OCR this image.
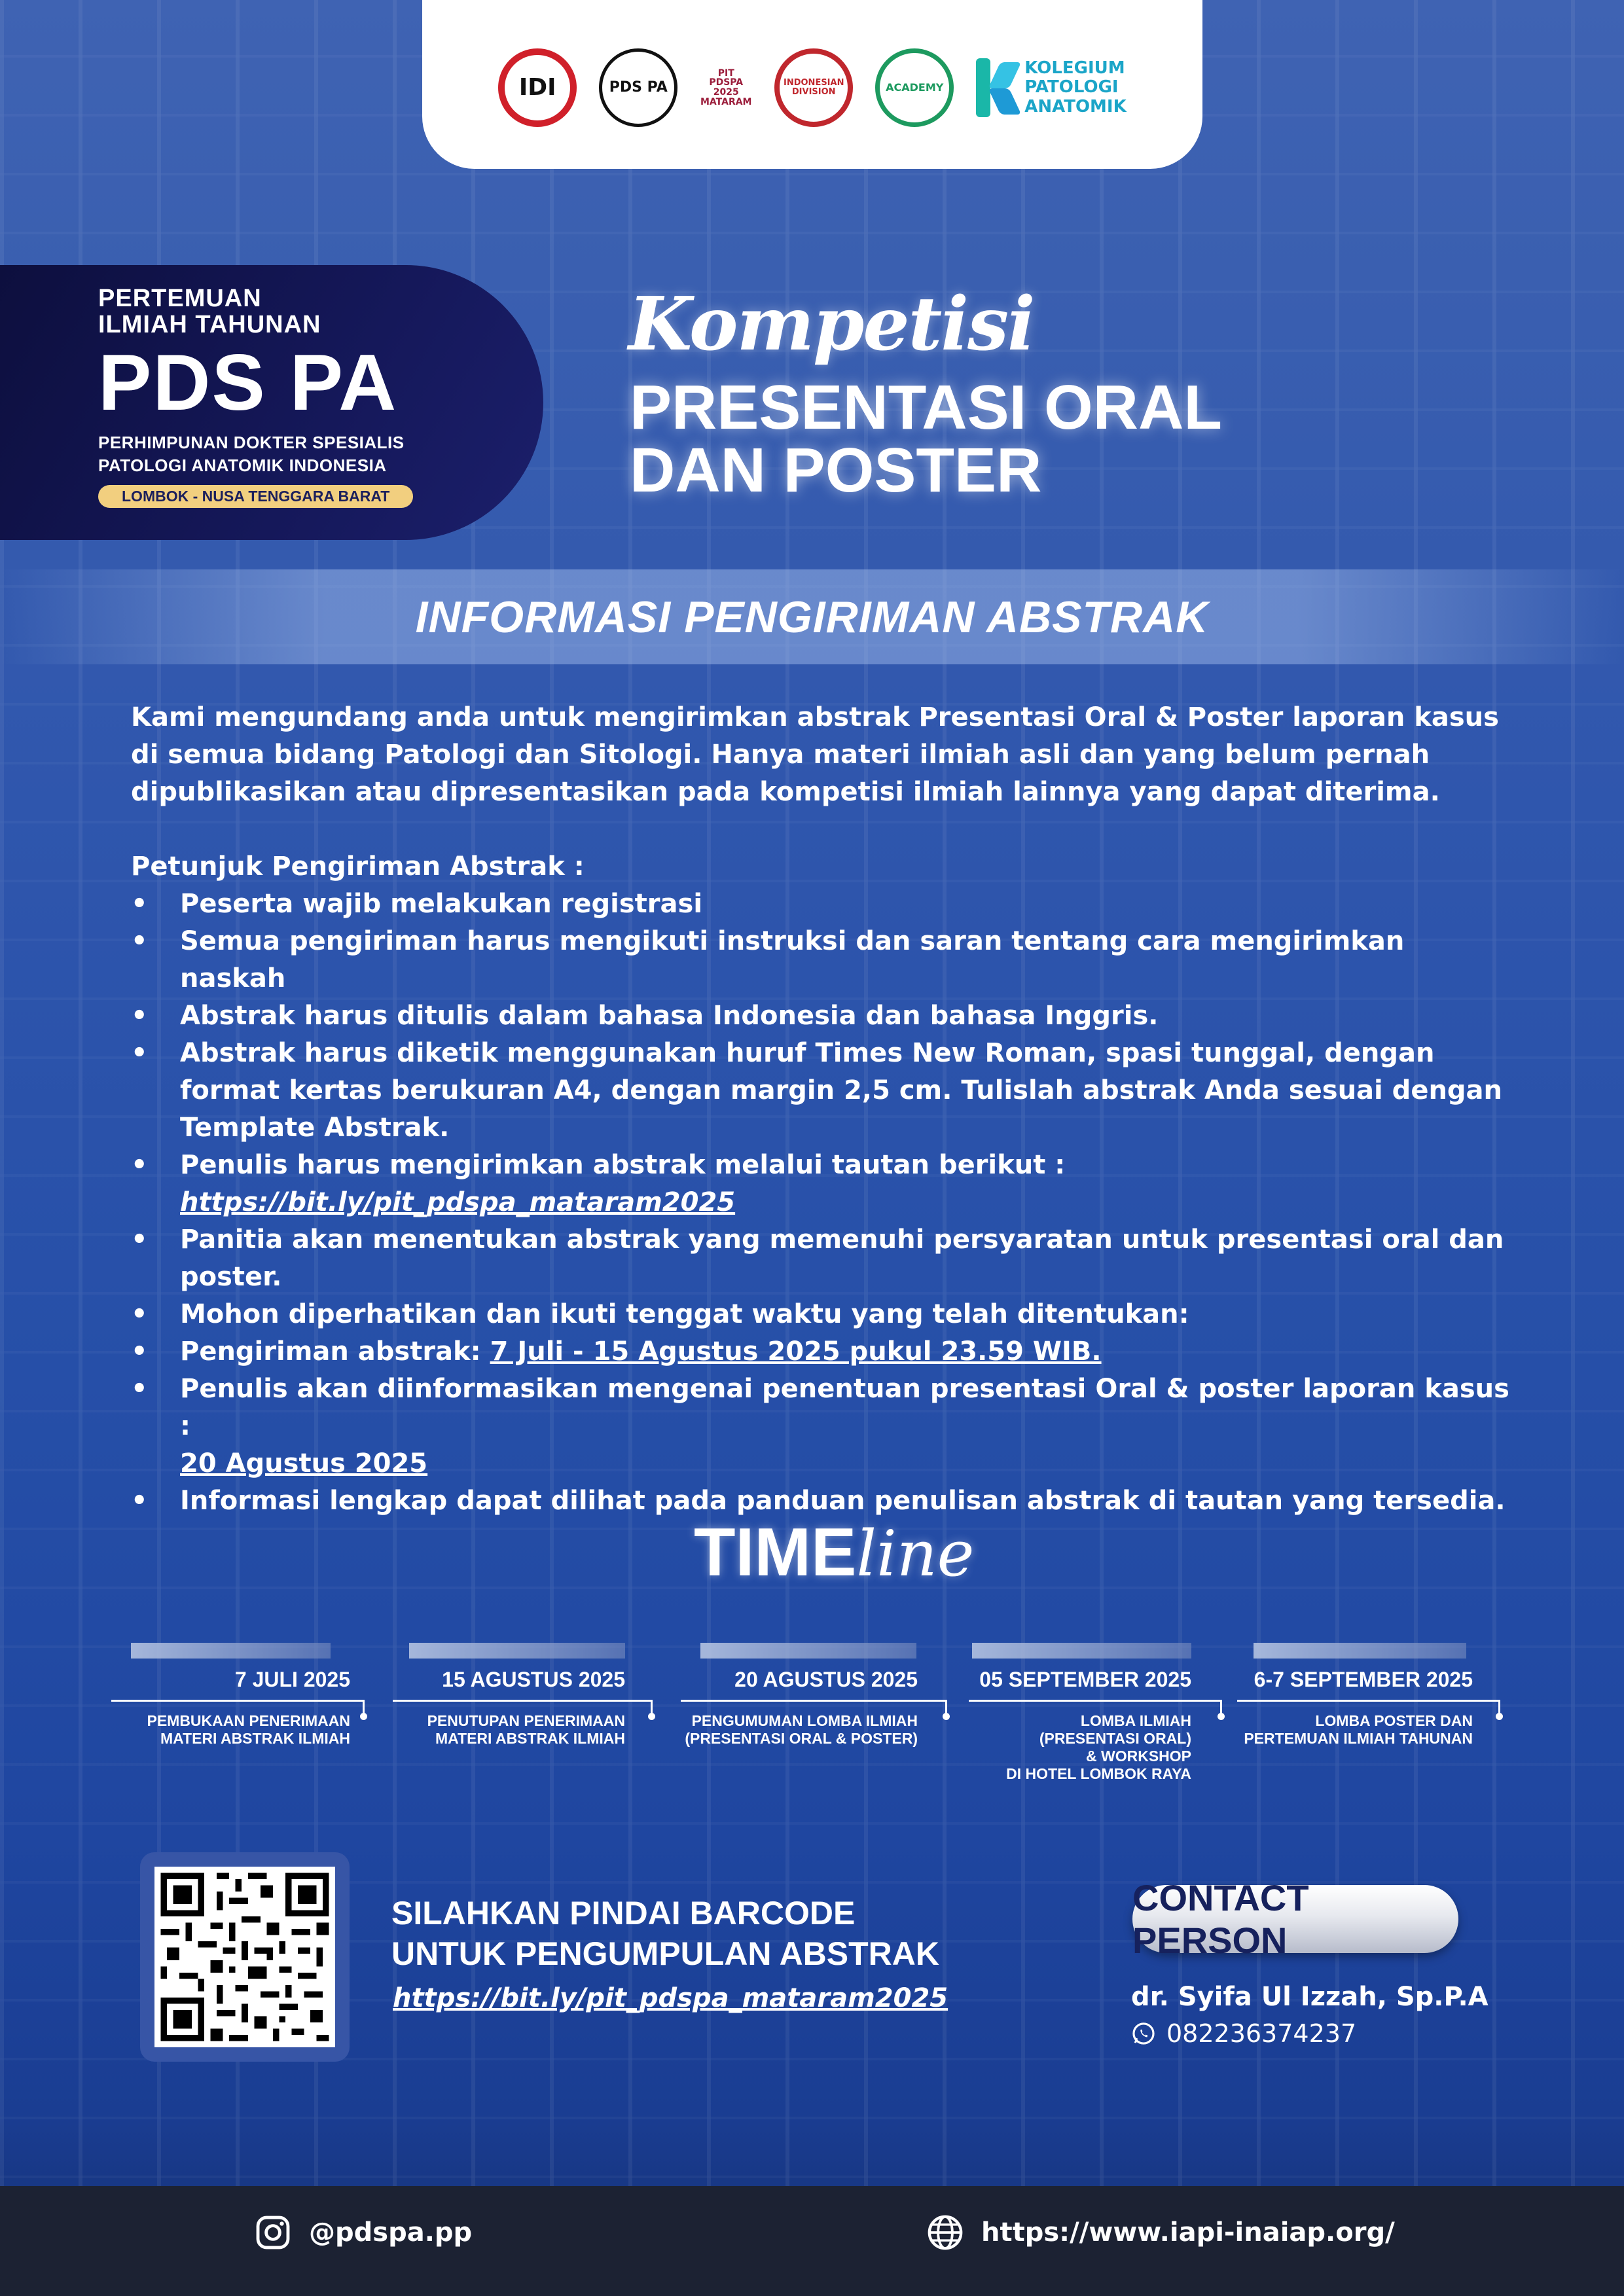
IDI	PDS PA
PIT PDSPA 2025 MATARAM
INDONESIAN DIVISION	ACADEMY
KOLEGIUM
PATOLOGI
ANATOMIK
PERTEMUAN
ILMIAH TAHUNAN
PDS PA
PERHIMPUNAN DOKTER SPESIALIS
PATOLOGI ANATOMIK INDONESIA
LOMBOK - NUSA TENGGARA BARAT
Kompetisi
PRESENTASI ORAL
DAN POSTER
INFORMASI PENGIRIMAN ABSTRAK

Kami mengundang anda untuk mengirimkan abstrak Presentasi Oral & Poster laporan kasus di semua bidang Patologi dan Sitologi. Hanya materi ilmiah asli dan yang belum pernah dipublikasikan atau dipresentasikan pada kompetisi ilmiah lainnya yang dapat diterima.

Petunjuk Pengiriman Abstrak :

• Peserta wajib melakukan registrasi
• Semua pengiriman harus mengikuti instruksi dan saran tentang cara mengirimkan naskah
• Abstrak harus ditulis dalam bahasa Indonesia dan bahasa Inggris.
• Abstrak harus diketik menggunakan huruf Times New Roman, spasi tunggal, dengan format kertas berukuran A4, dengan margin 2,5 cm. Tulislah abstrak Anda sesuai dengan Template Abstrak.
• Penulis harus mengirimkan abstrak melalui tautan berikut :
https://bit.ly/pit_pdspa_mataram2025
• Panitia akan menentukan abstrak yang memenuhi persyaratan untuk presentasi oral dan poster.
• Mohon diperhatikan dan ikuti tenggat waktu yang telah ditentukan:
• Pengiriman abstrak: 7 Juli - 15 Agustus 2025 pukul 23.59 WIB.
• Penulis akan diinformasikan mengenai penentuan presentasi Oral & poster laporan kasus :
20 Agustus 2025
• Informasi lengkap dapat dilihat pada panduan penulisan abstrak di tautan yang tersedia.
TIMEline
7 JULI 2025
PEMBUKAAN PENERIMAAN
MATERI ABSTRAK ILMIAH
15 AGUSTUS 2025
PENUTUPAN PENERIMAAN
MATERI ABSTRAK ILMIAH
20 AGUSTUS 2025
PENGUMUMAN LOMBA ILMIAH
(PRESENTASI ORAL & POSTER)
05 SEPTEMBER 2025
LOMBA ILMIAH
(PRESENTASI ORAL)
& WORKSHOP
DI HOTEL LOMBOK RAYA
6-7 SEPTEMBER 2025
LOMBA POSTER DAN
PERTEMUAN ILMIAH TAHUNAN
SILAHKAN PINDAI BARCODE
UNTUK PENGUMPULAN ABSTRAK
https://bit.ly/pit_pdspa_mataram2025
CONTACT PERSON
dr. Syifa Ul Izzah, Sp.P.A
082236374237
@pdspa.pp	https://www.iapi-inaiap.org/
